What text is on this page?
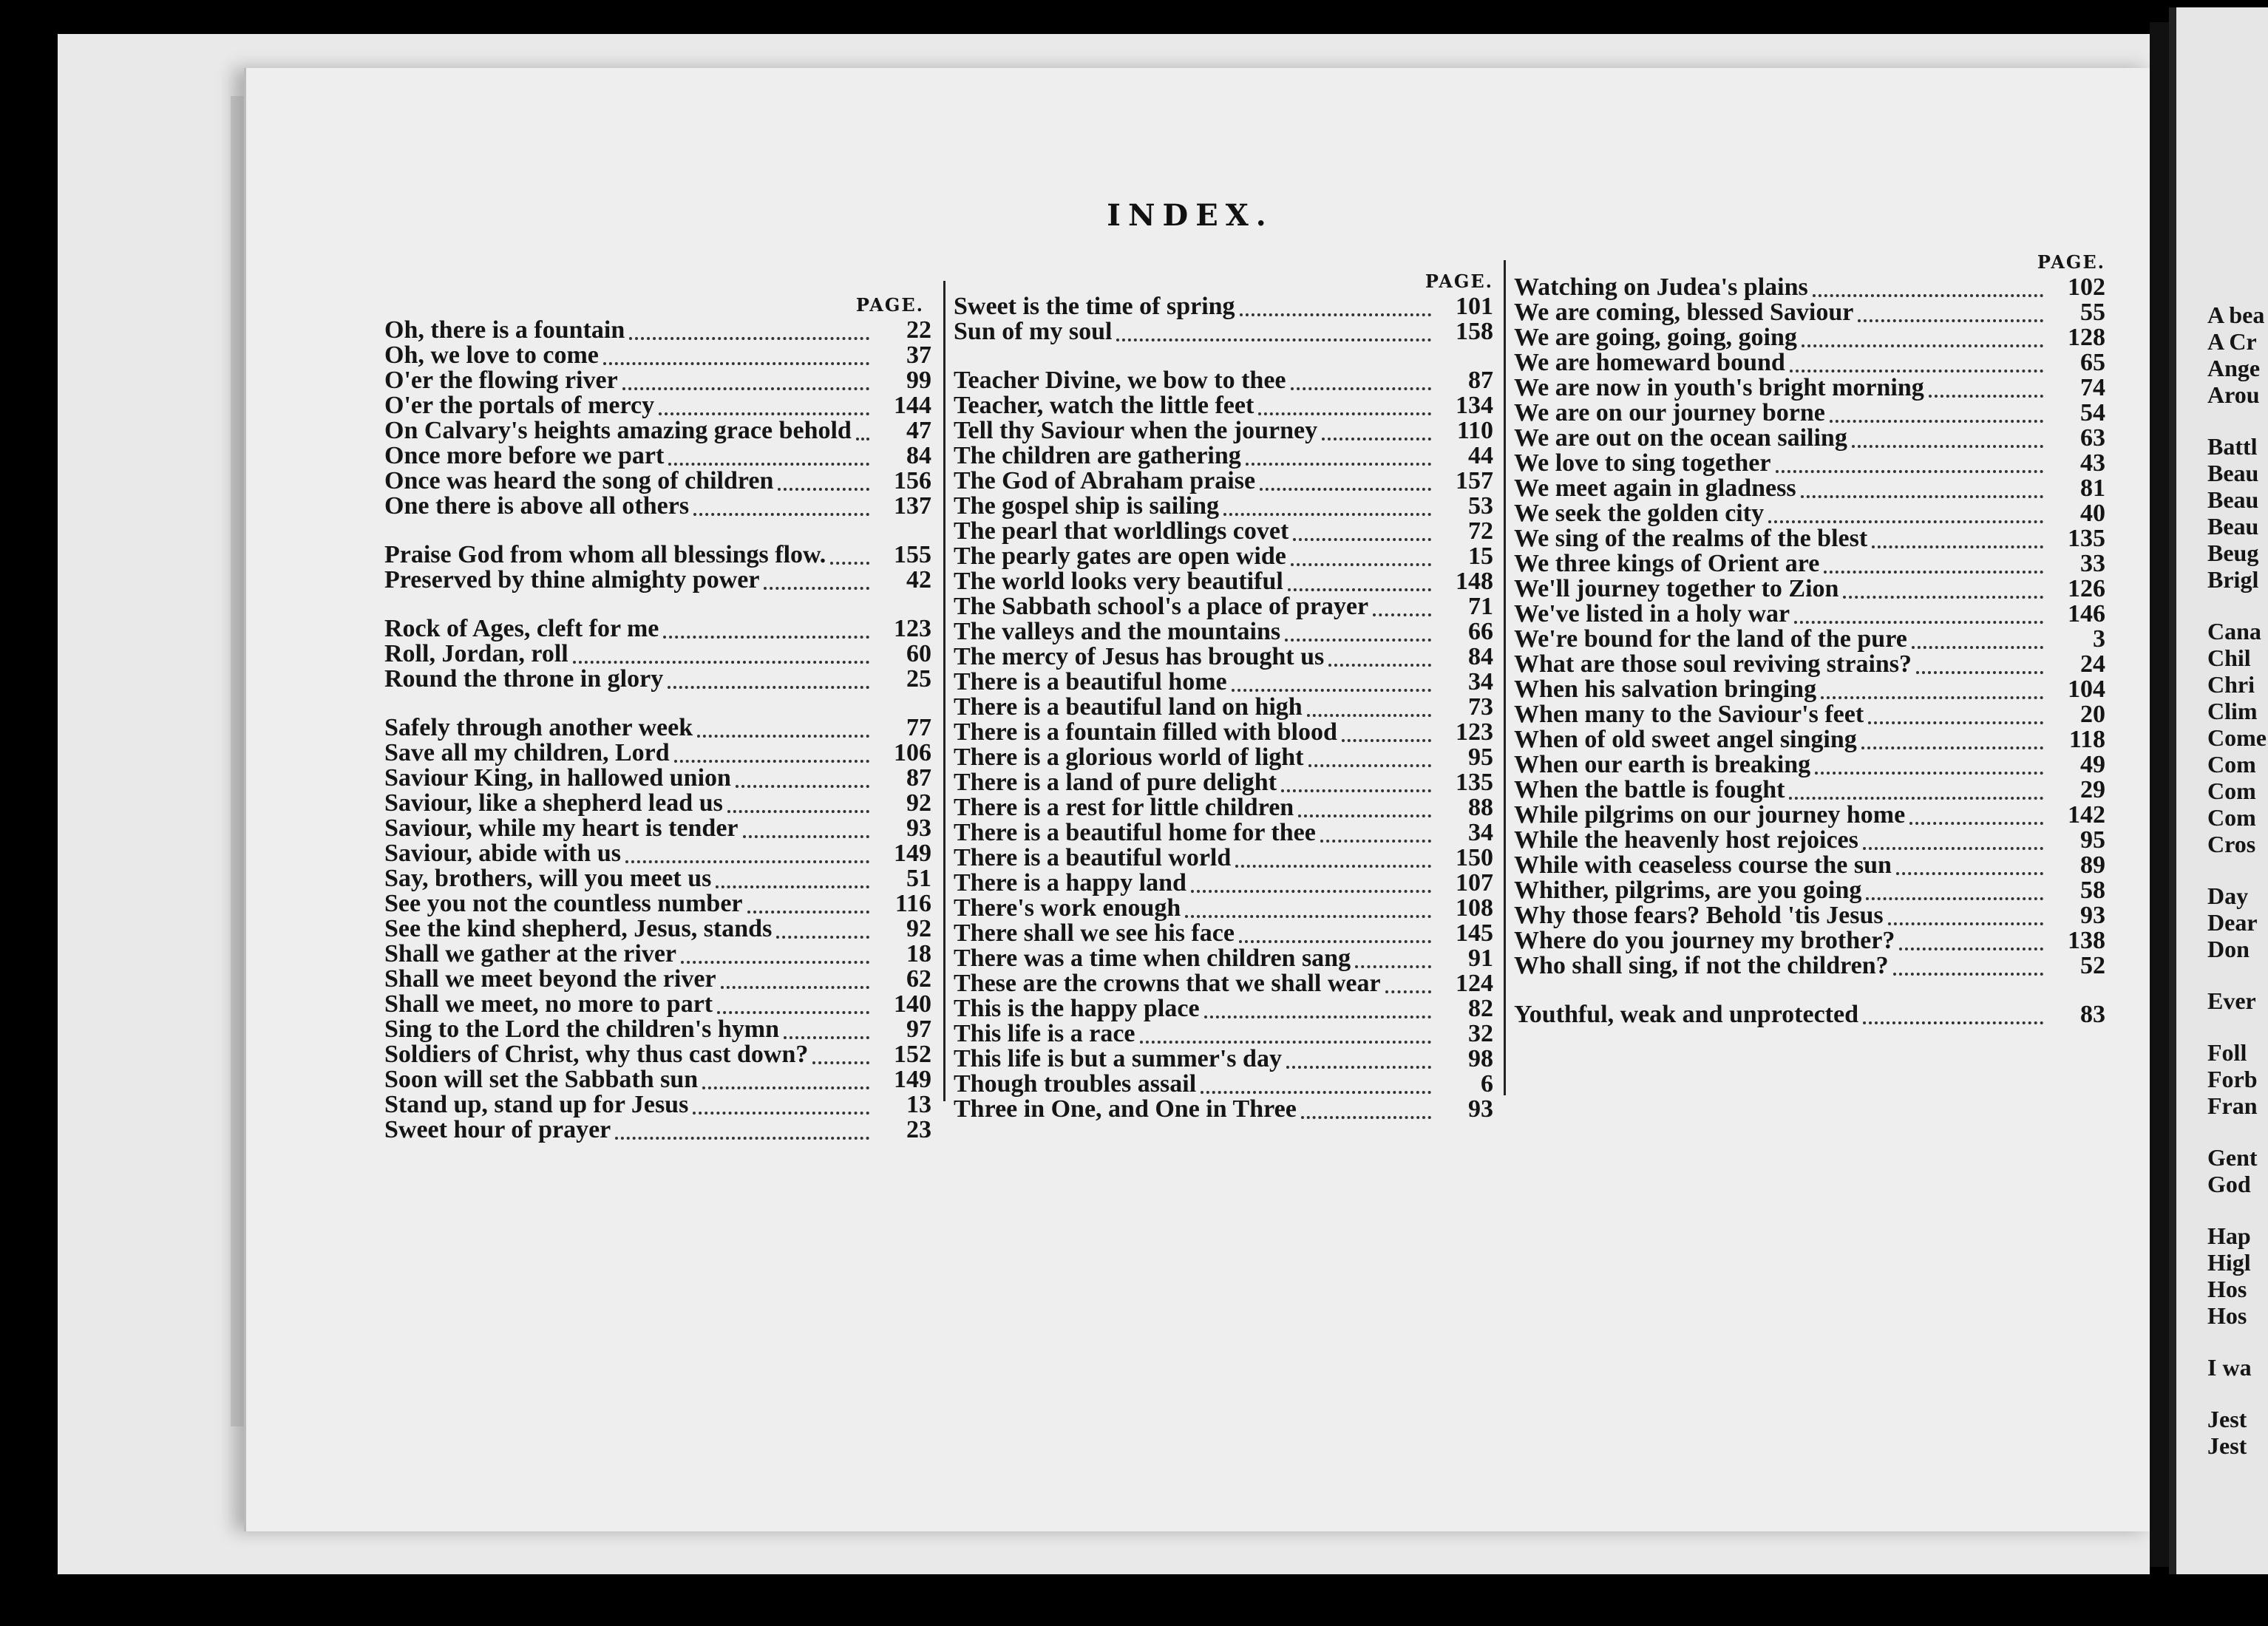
INDEX.
PAGE.
Oh, there is a fountain	22
Oh, we love to come	37
O'er the flowing river	99
O'er the portals of mercy	144
On Calvary's heights amazing grace behold	47
Once more before we part	84
Once was heard the song of children	156
One there is above all others	137
Praise God from whom all blessings flow.	155
Preserved by thine almighty power	42
Rock of Ages, cleft for me	123
Roll, Jordan, roll	60
Round the throne in glory	25
Safely through another week	77
Save all my children, Lord	106
Saviour King, in hallowed union	87
Saviour, like a shepherd lead us	92
Saviour, while my heart is tender	93
Saviour, abide with us	149
Say, brothers, will you meet us	51
See you not the countless number	116
See the kind shepherd, Jesus, stands	92
Shall we gather at the river	18
Shall we meet beyond the river	62
Shall we meet, no more to part	140
Sing to the Lord the children's hymn	97
Soldiers of Christ, why thus cast down?	152
Soon will set the Sabbath sun	149
Stand up, stand up for Jesus	13
Sweet hour of prayer	23
PAGE.
Sweet is the time of spring	101
Sun of my soul	158
Teacher Divine, we bow to thee	87
Teacher, watch the little feet	134
Tell thy Saviour when the journey	110
The children are gathering	44
The God of Abraham praise	157
The gospel ship is sailing	53
The pearl that worldlings covet	72
The pearly gates are open wide	15
The world looks very beautiful	148
The Sabbath school's a place of prayer	71
The valleys and the mountains	66
The mercy of Jesus has brought us	84
There is a beautiful home	34
There is a beautiful land on high	73
There is a fountain filled with blood	123
There is a glorious world of light	95
There is a land of pure delight	135
There is a rest for little children	88
There is a beautiful home for thee	34
There is a beautiful world	150
There is a happy land	107
There's work enough	108
There shall we see his face	145
There was a time when children sang	91
These are the crowns that we shall wear	124
This is the happy place	82
This life is a race	32
This life is but a summer's day	98
Though troubles assail	6
Three in One, and One in Three	93
PAGE.
Watching on Judea's plains	102
We are coming, blessed Saviour	55
We are going, going, going	128
We are homeward bound	65
We are now in youth's bright morning	74
We are on our journey borne	54
We are out on the ocean sailing	63
We love to sing together	43
We meet again in gladness	81
We seek the golden city	40
We sing of the realms of the blest	135
We three kings of Orient are	33
We'll journey together to Zion	126
We've listed in a holy war	146
We're bound for the land of the pure	3
What are those soul reviving strains?	24
When his salvation bringing	104
When many to the Saviour's feet	20
When of old sweet angel singing	118
When our earth is breaking	49
When the battle is fought	29
While pilgrims on our journey home	142
While the heavenly host rejoices	95
While with ceaseless course the sun	89
Whither, pilgrims, are you going	58
Why those fears? Behold 'tis Jesus	93
Where do you journey my brother?	138
Who shall sing, if not the children?	52
Youthful, weak and unprotected	83
A bea
A Cr
Ange
Arou
Battl
Beau
Beau
Beau
Beug
Brigl
Cana
Chil
Chri
Clim
Come
Com
Com
Com
Cros
Day
Dear
Don
Ever
Foll
Forb
Fran
Gent
God
Hap
Higl
Hos
Hos
I wa
Jest
Jest
